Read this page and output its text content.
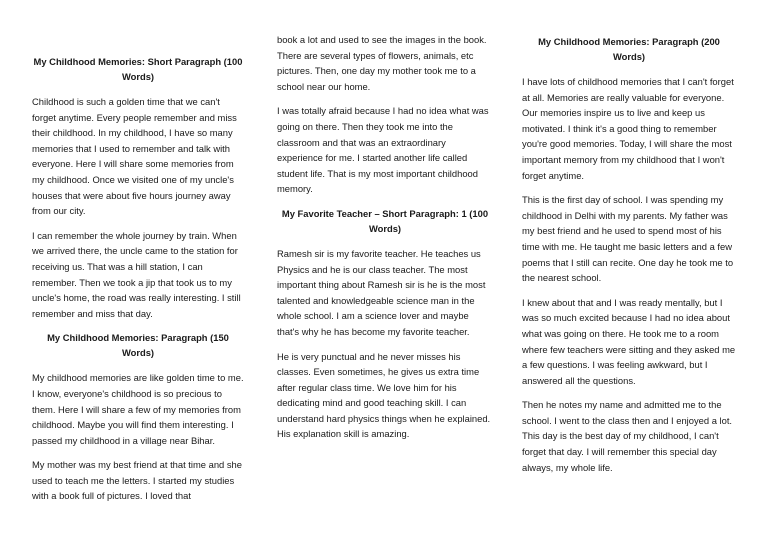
My Childhood Memories: Short Paragraph (100 Words)

Childhood is such a golden time that we can't forget anytime. Every people remember and miss their childhood. In my childhood, I have so many memories that I used to remember and talk with everyone. Here I will share some memories from my childhood. Once we visited one of my uncle's houses that were about five hours journey away from our city.

I can remember the whole journey by train. When we arrived there, the uncle came to the station for receiving us. That was a hill station, I can remember. Then we took a jip that took us to my uncle's home, the road was really interesting. I still remember and miss that day.

My Childhood Memories: Paragraph (150 Words)

My childhood memories are like golden time to me. I know, everyone's childhood is so precious to them. Here I will share a few of my memories from childhood. Maybe you will find them interesting. I passed my childhood in a village near Bihar.

My mother was my best friend at that time and she used to teach me the letters. I started my studies with a book full of pictures. I loved that

book a lot and used to see the images in the book. There are several types of flowers, animals, etc pictures. Then, one day my mother took me to a school near our home.

I was totally afraid because I had no idea what was going on there. Then they took me into the classroom and that was an extraordinary experience for me. I started another life called student life. That is my most important childhood memory.

My Favorite Teacher – Short Paragraph: 1 (100 Words)

Ramesh sir is my favorite teacher. He teaches us Physics and he is our class teacher. The most important thing about Ramesh sir is he is the most talented and knowledgeable science man in the whole school. I am a science lover and maybe that's why he has become my favorite teacher.

He is very punctual and he never misses his classes. Even sometimes, he gives us extra time after regular class time. We love him for his dedicating mind and good teaching skill. I can understand hard physics things when he explained. His explanation skill is amazing.

My Childhood Memories: Paragraph (200 Words)

I have lots of childhood memories that I can't forget at all. Memories are really valuable for everyone. Our memories inspire us to live and keep us motivated. I think it's a good thing to remember you're good memories. Today, I will share the most important memory from my childhood that I won't forget anytime.

This is the first day of school. I was spending my childhood in Delhi with my parents. My father was my best friend and he used to spend most of his time with me. He taught me basic letters and a few poems that I still can recite. One day he took me to the nearest school.

I knew about that and I was ready mentally, but I was so much excited because I had no idea about what was going on there. He took me to a room where few teachers were sitting and they asked me a few questions. I was feeling awkward, but I answered all the questions.

Then he notes my name and admitted me to the school. I went to the class then and I enjoyed a lot. This day is the best day of my childhood, I can't forget that day. I will remember this special day always, my whole life.
